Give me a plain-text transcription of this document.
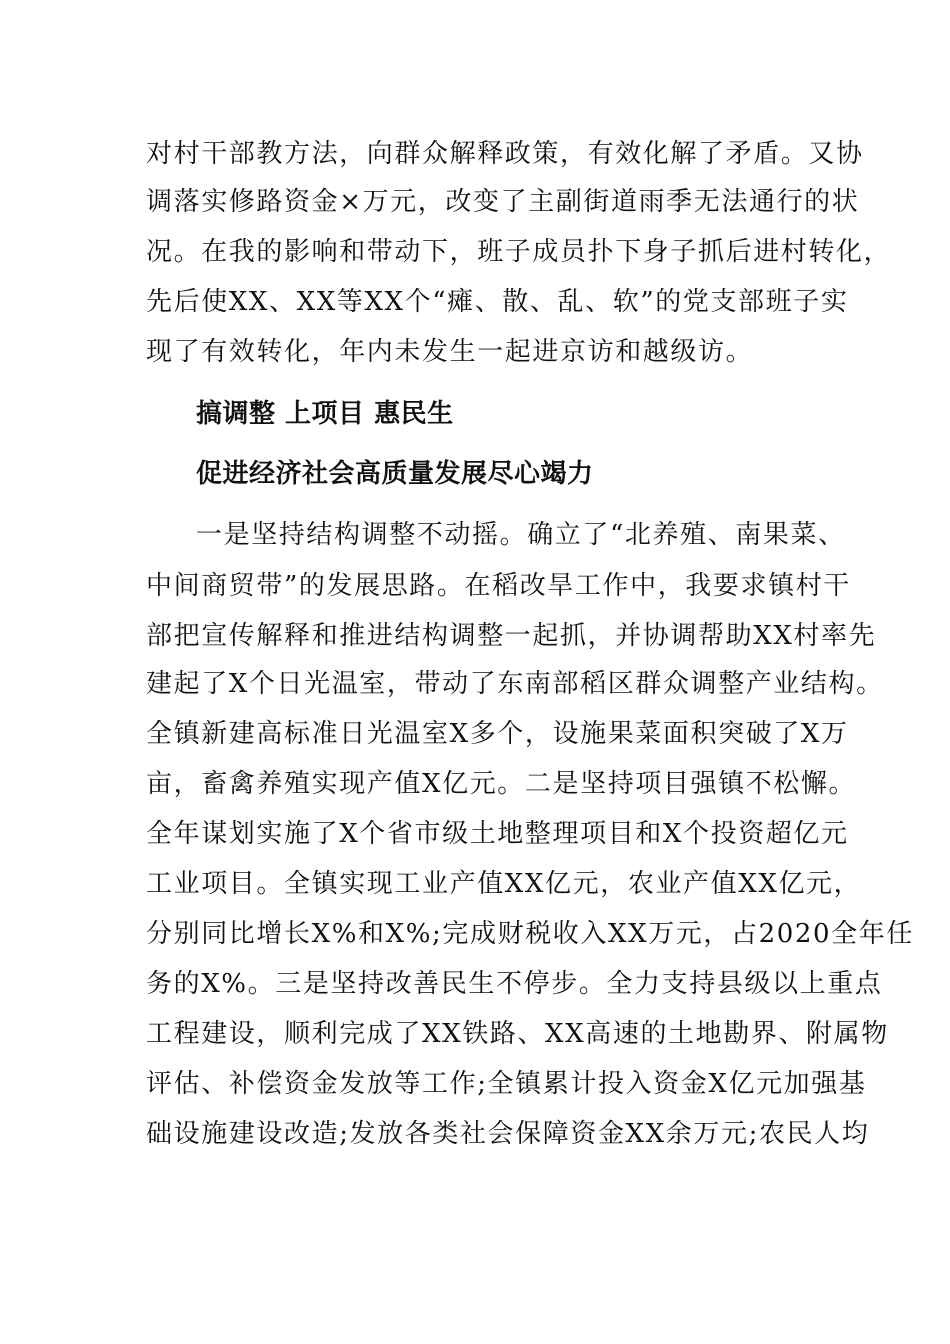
对村干部教方法，向群众解释政策，有效化解了矛盾。又协
调落实修路资金×万元，改变了主副街道雨季无法通行的状
况。在我的影响和带动下，班子成员扑下身子抓后进村转化，
先后使XX、XX等XX个“瘫、散、乱、软”的党支部班子实
现了有效转化，年内未发生一起进京访和越级访。
搞调整 上项目 惠民生
促进经济社会高质量发展尽心竭力
一是坚持结构调整不动摇。确立了“北养殖、南果菜、
中间商贸带”的发展思路。在稻改旱工作中，我要求镇村干
部把宣传解释和推进结构调整一起抓，并协调帮助XX村率先
建起了X个日光温室，带动了东南部稻区群众调整产业结构。
全镇新建高标准日光温室X多个，设施果菜面积突破了X万
亩，畜禽养殖实现产值X亿元。二是坚持项目强镇不松懈。
全年谋划实施了X个省市级土地整理项目和X个投资超亿元
工业项目。全镇实现工业产值XX亿元，农业产值XX亿元，
分别同比增长X%和X%;完成财税收入XX万元，占2020全年任
务的X%。三是坚持改善民生不停步。全力支持县级以上重点
工程建设，顺利完成了XX铁路、XX高速的土地勘界、附属物
评估、补偿资金发放等工作;全镇累计投入资金X亿元加强基
础设施建设改造;发放各类社会保障资金XX余万元;农民人均
